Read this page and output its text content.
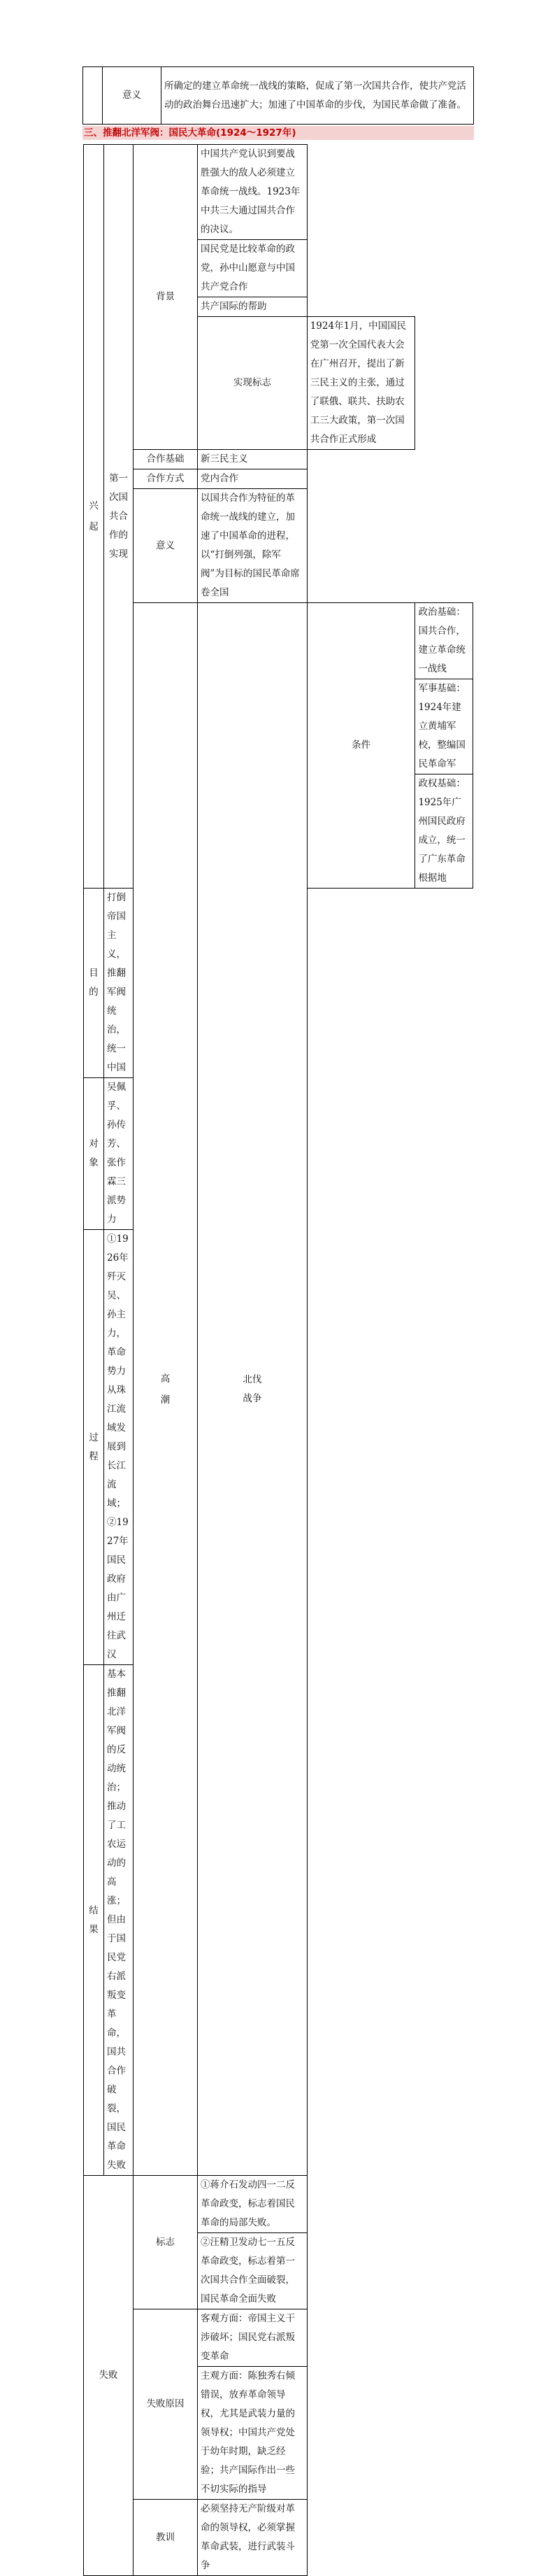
	意义	所确定的建立革命统一战线的策略，促成了第一次国共合作，使共产党活动的政治舞台迅速扩大；加速了中国革命的步伐，为国民革命做了准备。
三、推翻北洋军阀：国民大革命(1924～1927年)
兴起	第一次国共合作的实现	背景	中国共产党认识到要战胜强大的敌人必须建立革命统一战线。1923年中共三大通过国共合作的决议。		
			国民党是比较革命的政党，孙中山愿意与中国共产党合作		
			共产国际的帮助		
			实现标志	1924年1月，中国国民党第一次全国代表大会在广州召开，提出了新三民主义的主张，通过了联俄、联共、扶助农工三大政策，第一次国共合作正式形成	
		合作基础	新三民主义		
		合作方式	党内合作		
		意义	以国共合作为特征的革命统一战线的建立，加速了中国革命的进程，以“打倒列强，除军阀”为目标的国民革命席卷全国		

		高潮	北伐战争	条件	政治基础：国共合作，建立革命统一战线
					军事基础：1924年建立黄埔军校，整编国民革命军
					政权基础：1925年广州国民政府成立，统一了广东革命根据地
目的	打倒帝国主义，推翻军阀统治，统一中国				
对象	吴佩孚、孙传芳、张作霖三派势力				
过程	①1926年歼灭吴、孙主力，革命势力从珠江流域发展到长江流域；②1927年国民政府由广州迁往武汉				
结果	基本推翻北洋军阀的反动统治；推动了工农运动的高涨；但由于国民党右派叛变革命，国共合作破裂，国民革命失败				
失败		标志	①蒋介石发动四一二反革命政变，标志着国民革命的局部失败。		
			②汪精卫发动七一五反革命政变，标志着第一次国共合作全面破裂，国民革命全面失败		
		失败原因	客观方面：帝国主义干涉破坏；国民党右派叛变革命		
			主观方面：陈独秀右倾错误，放弃革命领导权，尤其是武装力量的领导权；中国共产党处于幼年时期，缺乏经验；共产国际作出一些不切实际的指导		
		教训	必须坚持无产阶级对革命的领导权，必须掌握革命武装，进行武装斗争		
